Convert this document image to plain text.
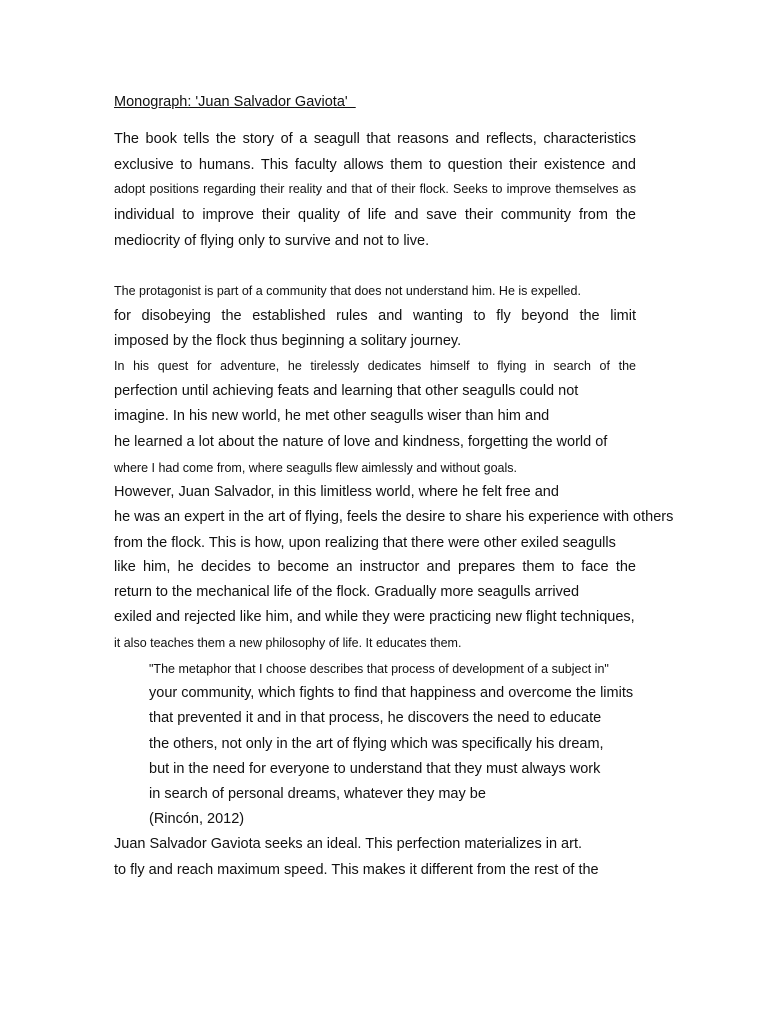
Monograph: 'Juan Salvador Gaviota'
The book tells the story of a seagull that reasons and reflects, characteristics
exclusive to humans. This faculty allows them to question their existence and
adopt positions regarding their reality and that of their flock. Seeks to improve themselves as
individual to improve their quality of life and save their community from the
mediocrity of flying only to survive and not to live.
The protagonist is part of a community that does not understand him. He is expelled.
for disobeying the established rules and wanting to fly beyond the limit
imposed by the flock thus beginning a solitary journey.
In his quest for adventure, he tirelessly dedicates himself to flying in search of the
perfection until achieving feats and learning that other seagulls could not
imagine. In his new world, he met other seagulls wiser than him and
he learned a lot about the nature of love and kindness, forgetting the world of
where I had come from, where seagulls flew aimlessly and without goals.
However, Juan Salvador, in this limitless world, where he felt free and
he was an expert in the art of flying, feels the desire to share his experience with others
from the flock. This is how, upon realizing that there were other exiled seagulls
like him, he decides to become an instructor and prepares them to face the
return to the mechanical life of the flock. Gradually more seagulls arrived
exiled and rejected like him, and while they were practicing new flight techniques,
it also teaches them a new philosophy of life. It educates them.
"The metaphor that I choose describes that process of development of a subject in"
your community, which fights to find that happiness and overcome the limits
that prevented it and in that process, he discovers the need to educate
the others, not only in the art of flying which was specifically his dream,
but in the need for everyone to understand that they must always work
in search of personal dreams, whatever they may be
(Rincón, 2012)
Juan Salvador Gaviota seeks an ideal. This perfection materializes in art.
to fly and reach maximum speed. This makes it different from the rest of the
